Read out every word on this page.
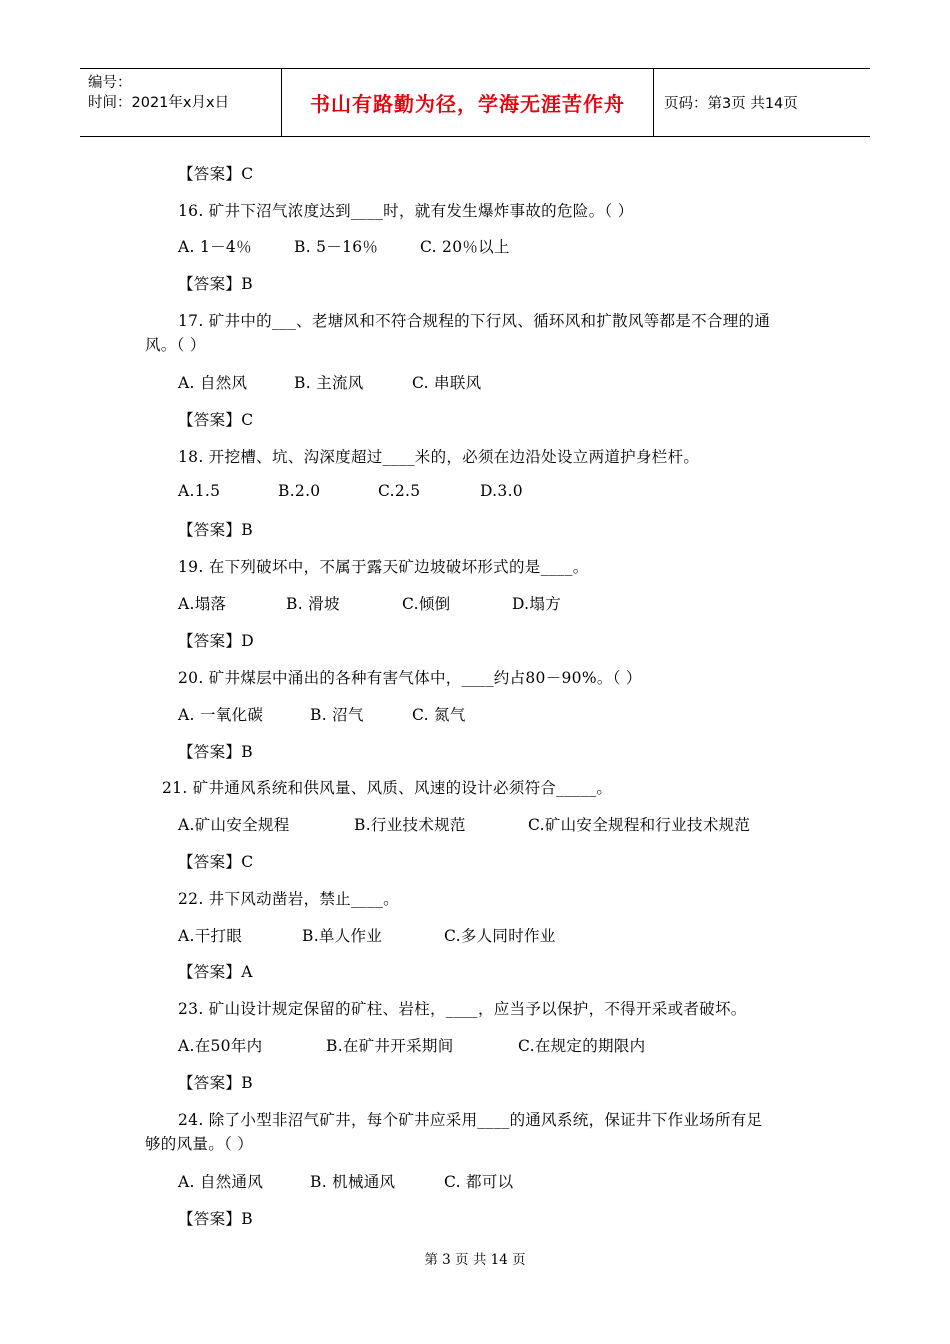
编号：
时间：2021年x月x日	书山有路勤为径，学海无涯苦作舟	页码：第3页 共14页
【答案】C
16. 矿井下沼气浓度达到____时，就有发生爆炸事故的危险。（ ）
A. 1－4％	B. 5－16％	C. 20％以上
【答案】B
17. 矿井中的___、老塘风和不符合规程的下行风、循环风和扩散风等都是不合理的通
风。（ ）
A. 自然风	B. 主流风	C. 串联风
【答案】C
18. 开挖槽、坑、沟深度超过____米的，必须在边沿处设立两道护身栏杆。
A.1.5	B.2.0	C.2.5	D.3.0
【答案】B
19. 在下列破坏中，不属于露天矿边坡破坏形式的是____。
A.塌落	B. 滑坡	C.倾倒	D.塌方
【答案】D
20. 矿井煤层中涌出的各种有害气体中，____约占80－90%。（ ）
A. 一氧化碳	B. 沼气	C. 氮气
【答案】B
21. 矿井通风系统和供风量、风质、风速的设计必须符合_____。
A.矿山安全规程	B.行业技术规范	C.矿山安全规程和行业技术规范
【答案】C
22. 井下风动凿岩，禁止____。
A.干打眼	B.单人作业	C.多人同时作业
【答案】A
23. 矿山设计规定保留的矿柱、岩柱，____，应当予以保护，不得开采或者破坏。
A.在50年内	B.在矿井开采期间	C.在规定的期限内
【答案】B
24. 除了小型非沼气矿井，每个矿井应采用____的通风系统，保证井下作业场所有足
够的风量。（ ）
A. 自然通风	B. 机械通风	C. 都可以
【答案】B
第 3 页 共 14 页
